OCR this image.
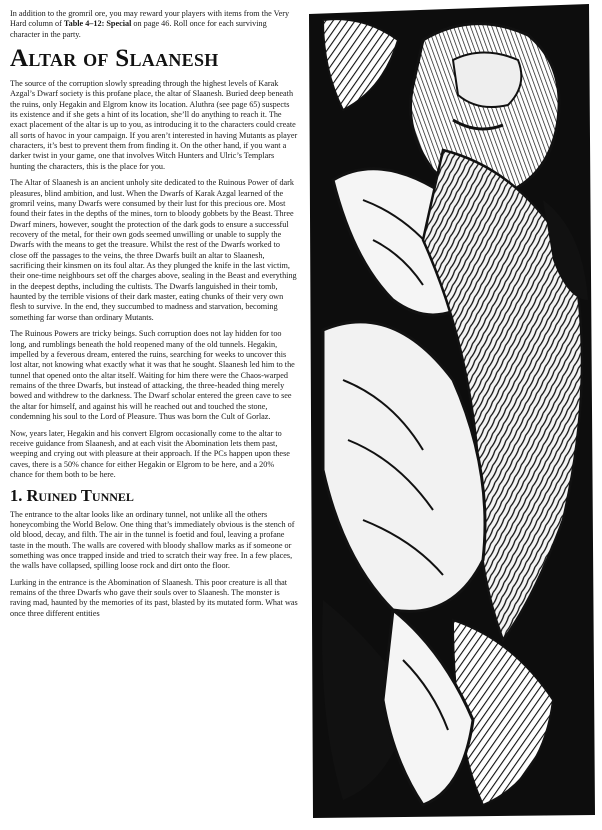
In addition to the gromril ore, you may reward your players with items from the Very Hard column of Table 4–12: Special on page 46. Roll once for each surviving character in the party.

Altar of Slaanesh

The source of the corruption slowly spreading through the highest levels of Karak Azgal’s Dwarf society is this profane place, the altar of Slaanesh. Buried deep beneath the ruins, only Hegakin and Elgrom know its location. Aluthra (see page 65) suspects its existence and if she gets a hint of its location, she’ll do anything to reach it. The exact placement of the altar is up to you, as introducing it to the characters could create all sorts of havoc in your campaign. If you aren’t interested in having Mutants as player characters, it’s best to prevent them from finding it. On the other hand, if you want a darker twist in your game, one that involves Witch Hunters and Ulric’s Templars hunting the characters, this is the place for you.

The Altar of Slaanesh is an ancient unholy site dedicated to the Ruinous Power of dark pleasures, blind ambition, and lust. When the Dwarfs of Karak Azgal learned of the gromril veins, many Dwarfs were consumed by their lust for this precious ore. Most found their fates in the depths of the mines, torn to bloody gobbets by the Beast. Three Dwarf miners, however, sought the protection of the dark gods to ensure a successful recovery of the metal, for their own gods seemed unwilling or unable to supply the Dwarfs with the means to get the treasure. Whilst the rest of the Dwarfs worked to close off the passages to the veins, the three Dwarfs built an altar to Slaanesh, sacrificing their kinsmen on its foul altar. As they plunged the knife in the last victim, their one-time neighbours set off the charges above, sealing in the Beast and everything in the deepest depths, including the cultists. The Dwarfs languished in their tomb, haunted by the terrible visions of their dark master, eating chunks of their very own flesh to survive. In the end, they succumbed to madness and starvation, becoming something far worse than ordinary Mutants.

The Ruinous Powers are tricky beings. Such corruption does not lay hidden for too long, and rumblings beneath the hold reopened many of the old tunnels. Hegakin, impelled by a feverous dream, entered the ruins, searching for weeks to uncover this lost altar, not knowing what exactly what it was that he sought. Slaanesh led him to the tunnel that opened onto the altar itself. Waiting for him there were the Chaos-warped remains of the three Dwarfs, but instead of attacking, the three-headed thing merely bowed and withdrew to the darkness. The Dwarf scholar entered the green cave to see the altar for himself, and against his will he reached out and touched the stone, condemning his soul to the Lord of Pleasure. Thus was born the Cult of Gorlaz.

Now, years later, Hegakin and his convert Elgrom occasionally come to the altar to receive guidance from Slaanesh, and at each visit the Abomination lets them past, weeping and crying out with pleasure at their approach. If the PCs happen upon these caves, there is a 50% chance for either Hegakin or Elgrom to be here, and a 20% chance for them both to be here.

1. Ruined Tunnel

The entrance to the altar looks like an ordinary tunnel, not unlike all the others honeycombing the World Below. One thing that’s immediately obvious is the stench of old blood, decay, and filth. The air in the tunnel is foetid and foul, leaving a profane taste in the mouth. The walls are covered with bloody shallow marks as if someone or something was once trapped inside and tried to scratch their way free. In a few places, the walls have collapsed, spilling loose rock and dirt onto the floor.

Lurking in the entrance is the Abomination of Slaanesh. This poor creature is all that remains of the three Dwarfs who gave their souls over to Slaanesh. The monster is raving mad, haunted by the memories of its past, blasted by its mutated form. What was once three different entities
